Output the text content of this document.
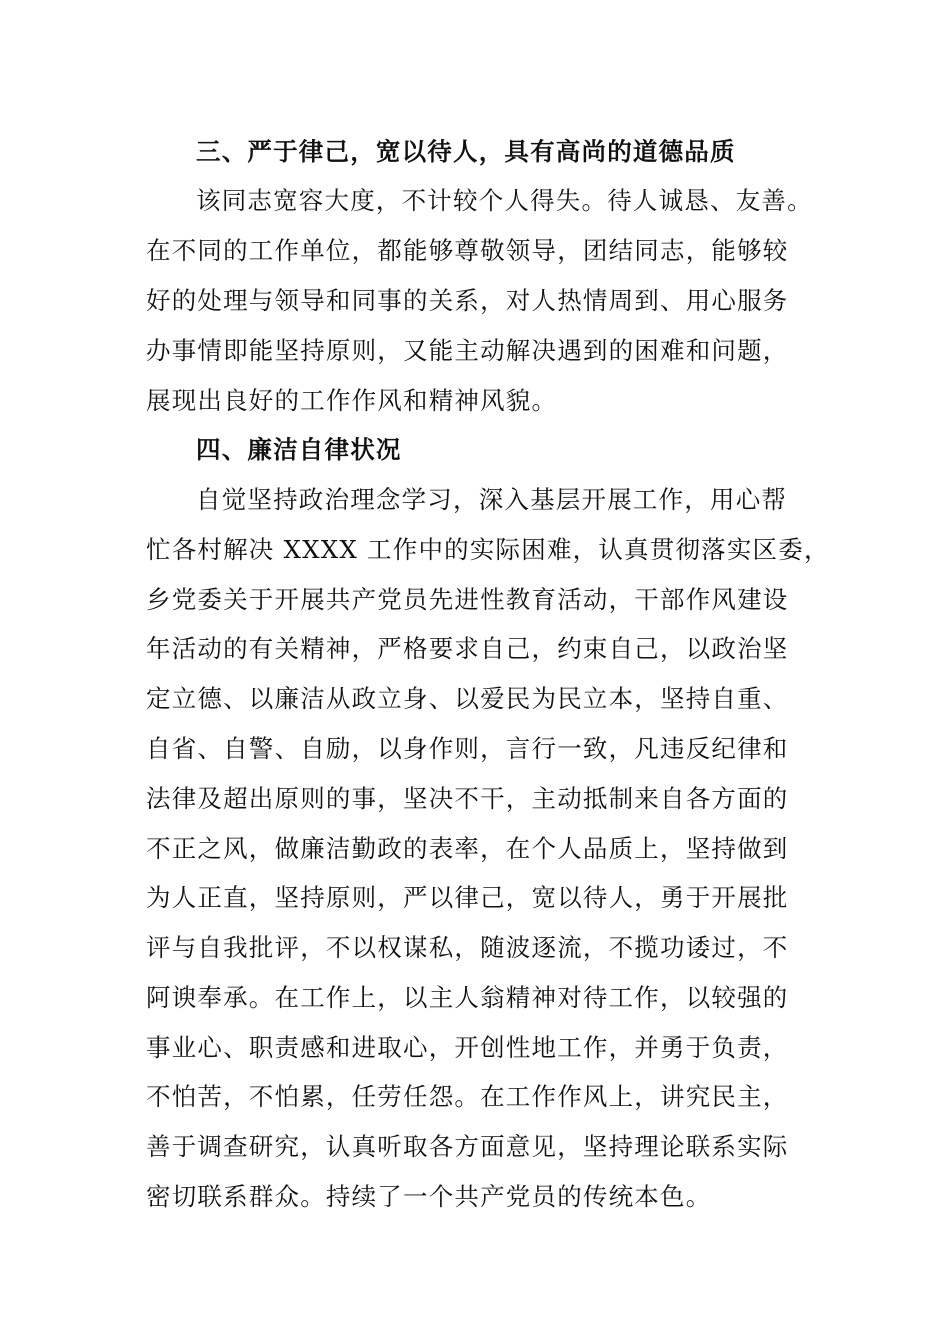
三、严于律己，宽以待人，具有高尚的道德品质
该同志宽容大度，不计较个人得失。待人诚恳、友善。
在不同的工作单位，都能够尊敬领导，团结同志，能够较
好的处理与领导和同事的关系，对人热情周到、用心服务
办事情即能坚持原则，又能主动解决遇到的困难和问题，
展现出良好的工作作风和精神风貌。
四、廉洁自律状况
自觉坚持政治理念学习，深入基层开展工作，用心帮
忙各村解决 XXXX 工作中的实际困难，认真贯彻落实区委，
乡党委关于开展共产党员先进性教育活动，干部作风建设
年活动的有关精神，严格要求自己，约束自己，以政治坚
定立德、以廉洁从政立身、以爱民为民立本，坚持自重、
自省、自警、自励，以身作则，言行一致，凡违反纪律和
法律及超出原则的事，坚决不干，主动抵制来自各方面的
不正之风，做廉洁勤政的表率，在个人品质上，坚持做到
为人正直，坚持原则，严以律己，宽以待人，勇于开展批
评与自我批评，不以权谋私，随波逐流，不揽功诿过，不
阿谀奉承。在工作上，以主人翁精神对待工作，以较强的
事业心、职责感和进取心，开创性地工作，并勇于负责，
不怕苦，不怕累，任劳任怨。在工作作风上，讲究民主，
善于调查研究，认真听取各方面意见，坚持理论联系实际
密切联系群众。持续了一个共产党员的传统本色。
